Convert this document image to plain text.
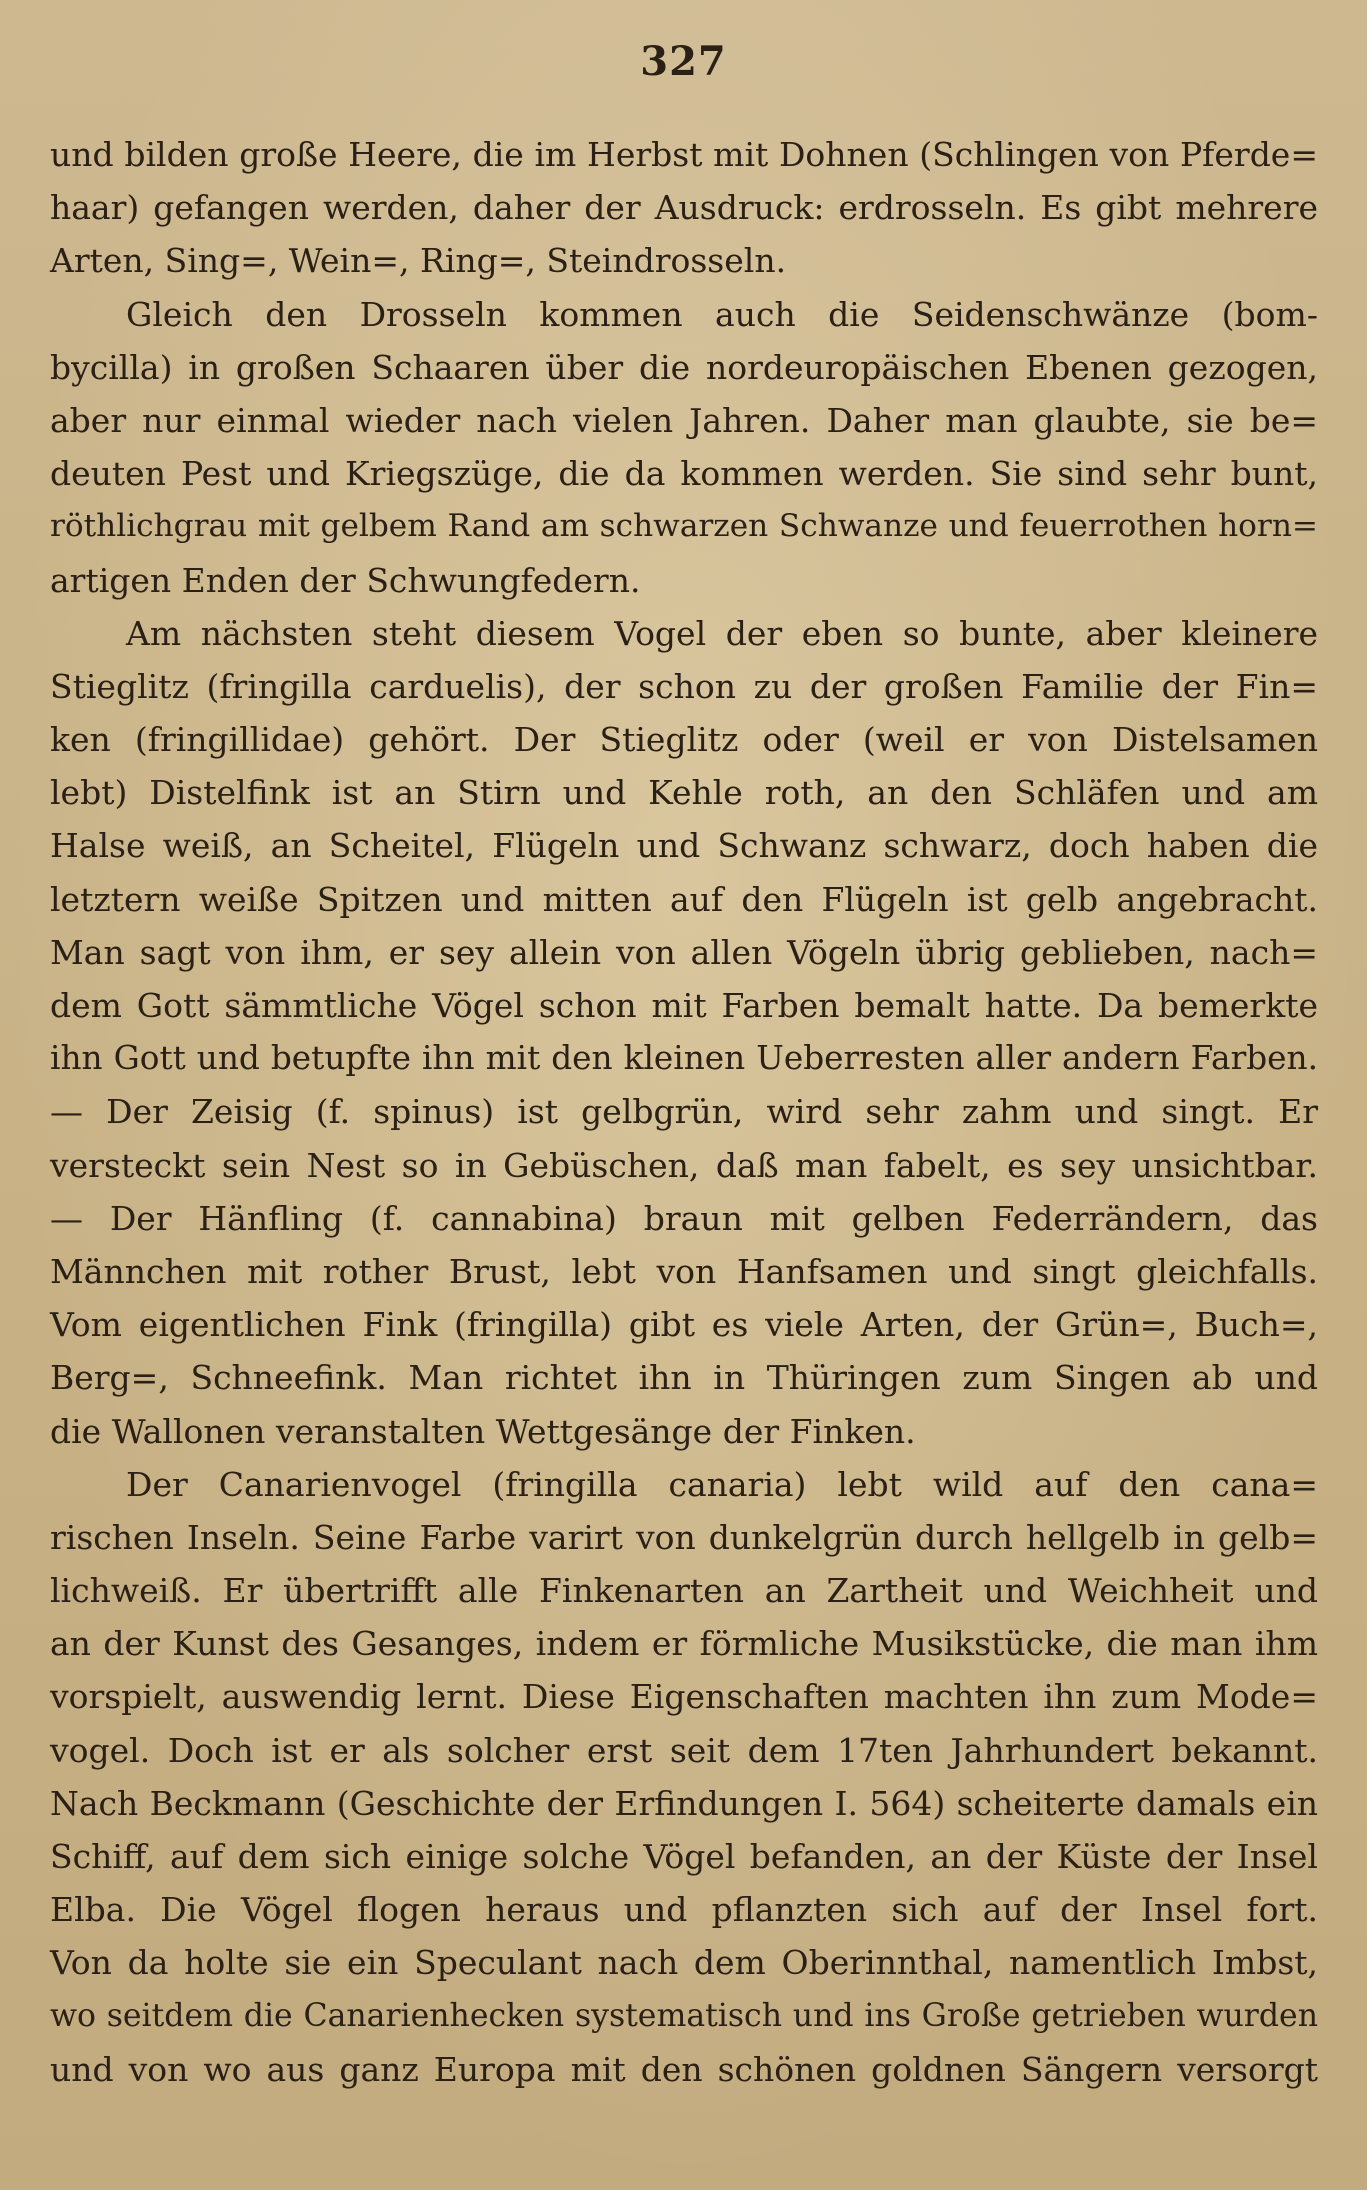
327
und bilden große Heere, die im Herbst mit Dohnen (Schlingen von Pferde=
haar) gefangen werden, daher der Ausdruck: erdrosseln. Es gibt mehrere
Arten, Sing=, Wein=, Ring=, Steindrosseln.
Gleich den Drosseln kommen auch die Seidenschwänze (bom-
bycilla) in großen Schaaren über die nordeuropäischen Ebenen gezogen,
aber nur einmal wieder nach vielen Jahren. Daher man glaubte, sie be=
deuten Pest und Kriegszüge, die da kommen werden. Sie sind sehr bunt,
röthlichgrau mit gelbem Rand am schwarzen Schwanze und feuerrothen horn=
artigen Enden der Schwungfedern.
Am nächsten steht diesem Vogel der eben so bunte, aber kleinere
Stieglitz (fringilla carduelis), der schon zu der großen Familie der Fin=
ken (fringillidae) gehört. Der Stieglitz oder (weil er von Distelsamen
lebt) Distelfink ist an Stirn und Kehle roth, an den Schläfen und am
Halse weiß, an Scheitel, Flügeln und Schwanz schwarz, doch haben die
letztern weiße Spitzen und mitten auf den Flügeln ist gelb angebracht.
Man sagt von ihm, er sey allein von allen Vögeln übrig geblieben, nach=
dem Gott sämmtliche Vögel schon mit Farben bemalt hatte. Da bemerkte
ihn Gott und betupfte ihn mit den kleinen Ueberresten aller andern Farben.
— Der Zeisig (f. spinus) ist gelbgrün, wird sehr zahm und singt. Er
versteckt sein Nest so in Gebüschen, daß man fabelt, es sey unsichtbar.
— Der Hänfling (f. cannabina) braun mit gelben Federrändern, das
Männchen mit rother Brust, lebt von Hanfsamen und singt gleichfalls.
Vom eigentlichen Fink (fringilla) gibt es viele Arten, der Grün=, Buch=,
Berg=, Schneefink. Man richtet ihn in Thüringen zum Singen ab und
die Wallonen veranstalten Wettgesänge der Finken.
Der Canarienvogel (fringilla canaria) lebt wild auf den cana=
rischen Inseln. Seine Farbe varirt von dunkelgrün durch hellgelb in gelb=
lichweiß. Er übertrifft alle Finkenarten an Zartheit und Weichheit und
an der Kunst des Gesanges, indem er förmliche Musikstücke, die man ihm
vorspielt, auswendig lernt. Diese Eigenschaften machten ihn zum Mode=
vogel. Doch ist er als solcher erst seit dem 17ten Jahrhundert bekannt.
Nach Beckmann (Geschichte der Erfindungen I. 564) scheiterte damals ein
Schiff, auf dem sich einige solche Vögel befanden, an der Küste der Insel
Elba. Die Vögel flogen heraus und pflanzten sich auf der Insel fort.
Von da holte sie ein Speculant nach dem Oberinnthal, namentlich Imbst,
wo seitdem die Canarienhecken systematisch und ins Große getrieben wurden
und von wo aus ganz Europa mit den schönen goldnen Sängern versorgt
